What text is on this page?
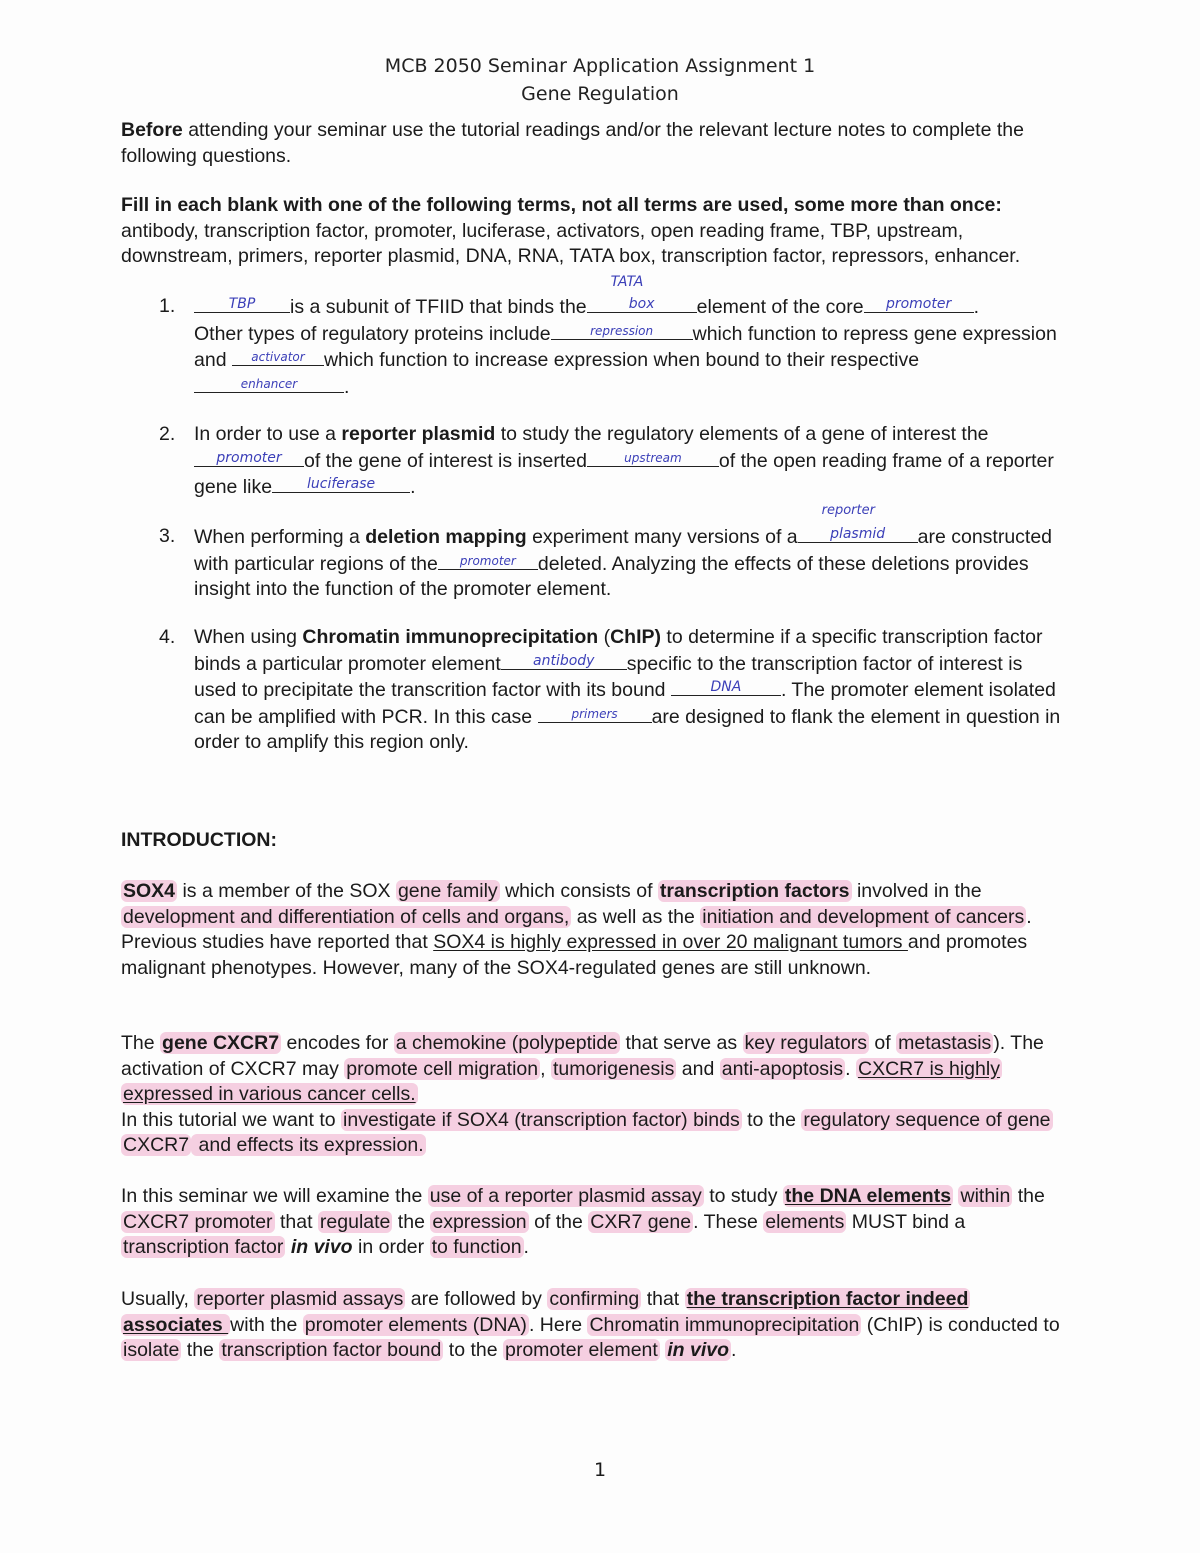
MCB 2050 Seminar Application Assignment 1
Gene Regulation
Before attending your seminar use the tutorial readings and/or the relevant lecture notes to complete the following questions.
Fill in each blank with one of the following terms, not all terms are used, some more than once: antibody, transcription factor, promoter, luciferase, activators, open reading frame, TBP, upstream, downstream, primers, reporter plasmid, DNA, RNA, TATA box, transcription factor, repressors, enhancer.
1.	TBP	is a subunit of TFIID that binds the
TATA
box	element of the core	promoter	.
Other types of regulatory proteins include	repression	which function to repress gene expression and	activator which function to increase expression when bound to their respective
enhancer	.
2. In order to use a reporter plasmid to study the regulatory elements of a gene of interest the
promoter	of the gene of interest is inserted	upstream	of the open reading frame of a reporter gene like	luciferase	.
3. When performing a deletion mapping experiment many versions of a
reporter
plasmid	are constructed with particular regions of the	promoter	deleted. Analyzing the effects of these deletions provides insight into the function of the promoter element.
4. When using Chromatin immunoprecipitation (ChIP) to determine if a specific transcription factor binds a particular promoter element	antibody	specific to the transcription factor of interest is used to precipitate the transcrition factor with its bound	DNA	. The promoter element isolated can be amplified with PCR. In this case	primers	are designed to flank the element in question in order to amplify this region only.
INTRODUCTION:
SOX4 is a member of the SOX gene family which consists of transcription factors involved in the development and differentiation of cells and organs, as well as the initiation and development of cancers . Previous studies have reported that SOX4 is highly expressed in over 20 malignant tumors and promotes malignant phenotypes. However, many of the SOX4-regulated genes are still unknown.
The gene CXCR7 encodes for a chemokine (polypeptide that serve as key regulators of metastasis ). The activation of CXCR7 may promote cell migration , tumorigenesis and anti-apoptosis . CXCR7 is highly expressed in various cancer cells.
In this tutorial we want to investigate if SOX4 (transcription factor) binds to the regulatory sequence of gene CXCR7 and effects its expression.
In this seminar we will examine the use of a reporter plasmid assay to study the DNA elements within the CXCR7 promoter that regulate the expression of the CXR7 gene . These elements MUST bind a transcription factor in vivo in order to function .
Usually, reporter plasmid assays are followed by confirming that the transcription factor indeed associates with the promoter elements (DNA) . Here Chromatin immunoprecipitation (ChIP) is conducted to isolate the transcription factor bound to the promoter element in vivo .
1
